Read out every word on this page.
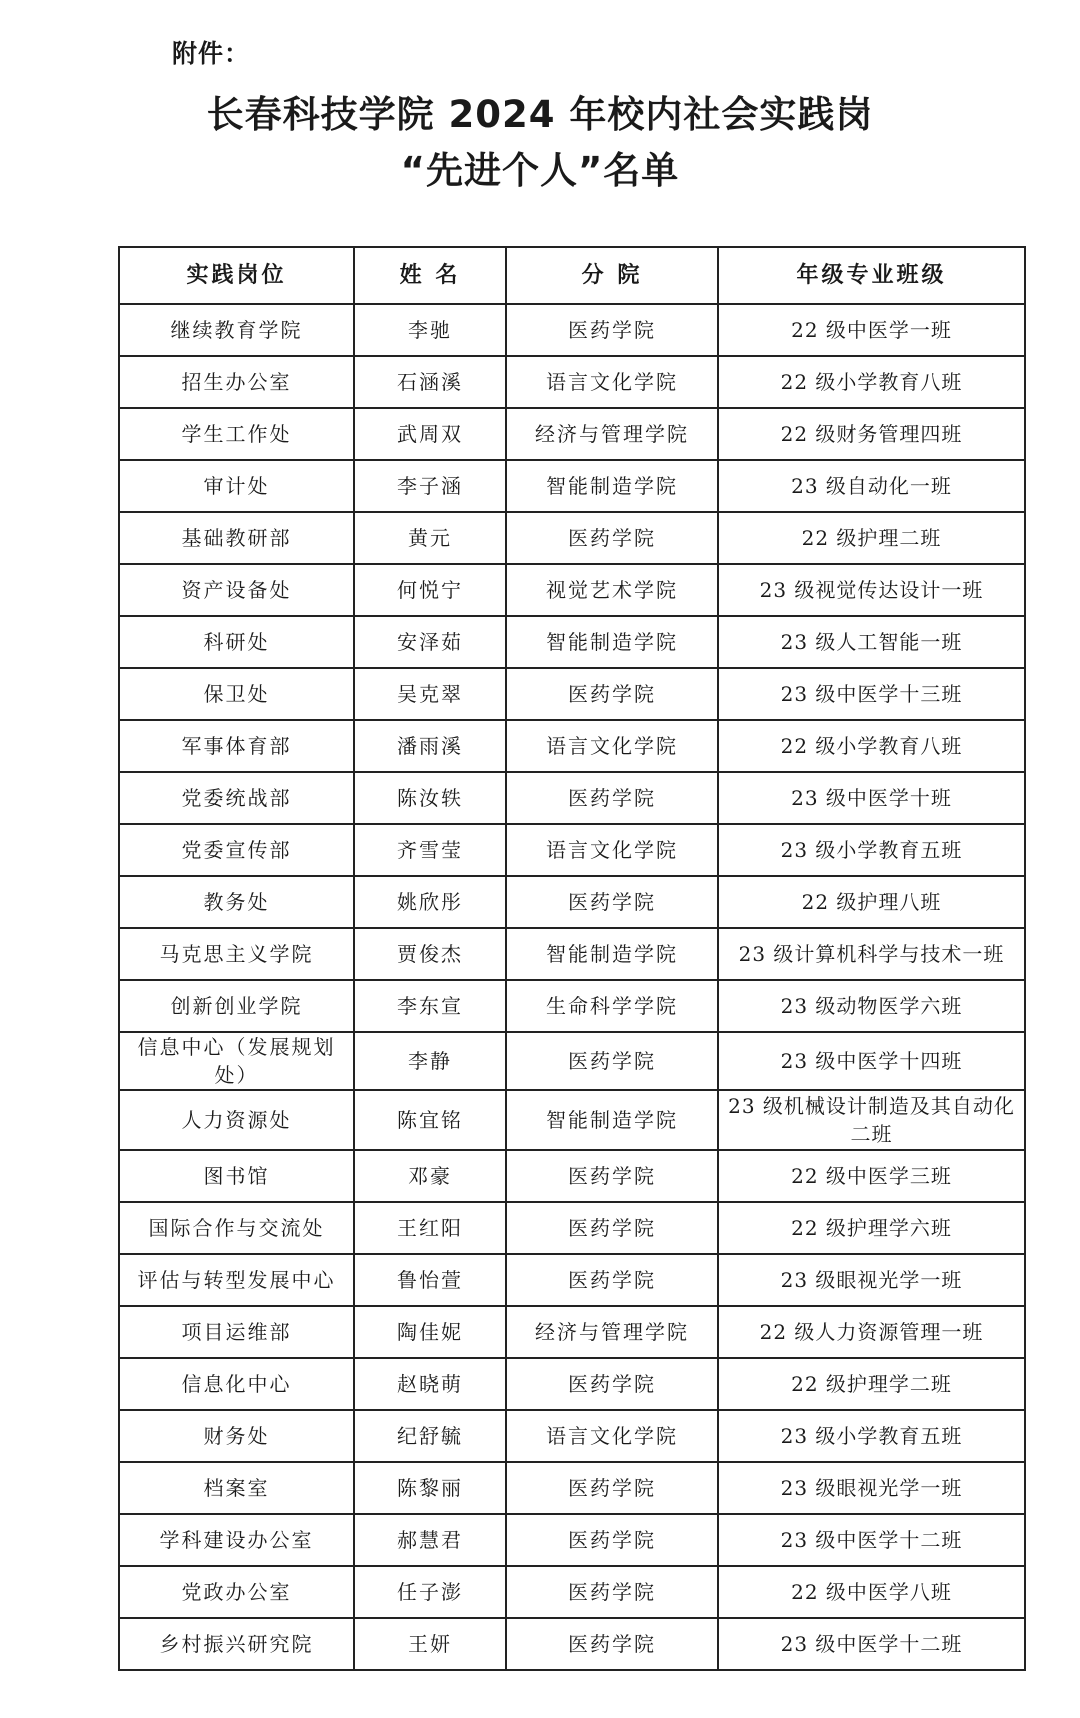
附件：
长春科技学院 2024 年校内社会实践岗
“先进个人”名单
实践岗位	姓 名	分 院	年级专业班级
继续教育学院	李驰	医药学院	22 级中医学一班
招生办公室	石涵溪	语言文化学院	22 级小学教育八班
学生工作处	武周双	经济与管理学院	22 级财务管理四班
审计处	李子涵	智能制造学院	23 级自动化一班
基础教研部	黄元	医药学院	22 级护理二班
资产设备处	何悦宁	视觉艺术学院	23 级视觉传达设计一班
科研处	安泽茹	智能制造学院	23 级人工智能一班
保卫处	吴克翠	医药学院	23 级中医学十三班
军事体育部	潘雨溪	语言文化学院	22 级小学教育八班
党委统战部	陈汝轶	医药学院	23 级中医学十班
党委宣传部	齐雪莹	语言文化学院	23 级小学教育五班
教务处	姚欣彤	医药学院	22 级护理八班
马克思主义学院	贾俊杰	智能制造学院	23 级计算机科学与技术一班
创新创业学院	李东宣	生命科学学院	23 级动物医学六班
信息中心（发展规划处）	李静	医药学院	23 级中医学十四班
人力资源处	陈宜铭	智能制造学院	23 级机械设计制造及其自动化二班
图书馆	邓豪	医药学院	22 级中医学三班
国际合作与交流处	王红阳	医药学院	22 级护理学六班
评估与转型发展中心	鲁怡萱	医药学院	23 级眼视光学一班
项目运维部	陶佳妮	经济与管理学院	22 级人力资源管理一班
信息化中心	赵晓萌	医药学院	22 级护理学二班
财务处	纪舒毓	语言文化学院	23 级小学教育五班
档案室	陈黎丽	医药学院	23 级眼视光学一班
学科建设办公室	郝慧君	医药学院	23 级中医学十二班
党政办公室	任子澎	医药学院	22 级中医学八班
乡村振兴研究院	王妍	医药学院	23 级中医学十二班
